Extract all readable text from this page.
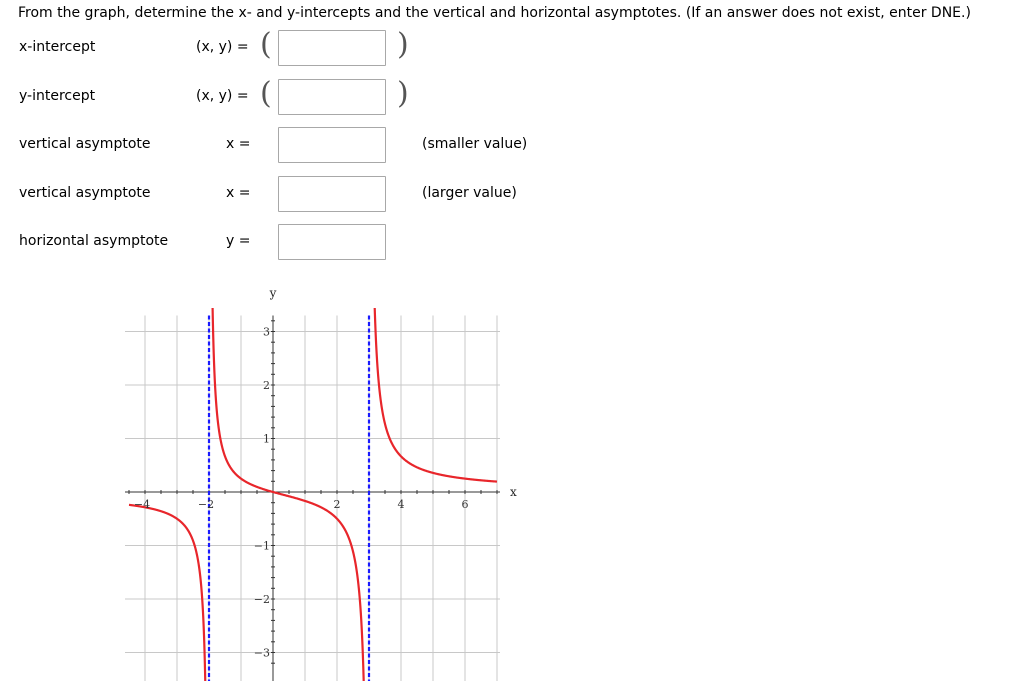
From the graph, determine the x- and y-intercepts and the vertical and horizontal asymptotes. (If an answer does not exist, enter DNE.)
x-intercept	(x, y) = (	)
y-intercept	(x, y) = (	)
vertical asymptote	x =	(smaller value)
vertical asymptote	x =	(larger value)
horizontal asymptote	y =
−4	−2	2	4	6
−3
−2
−1
1
2
3
x
y
